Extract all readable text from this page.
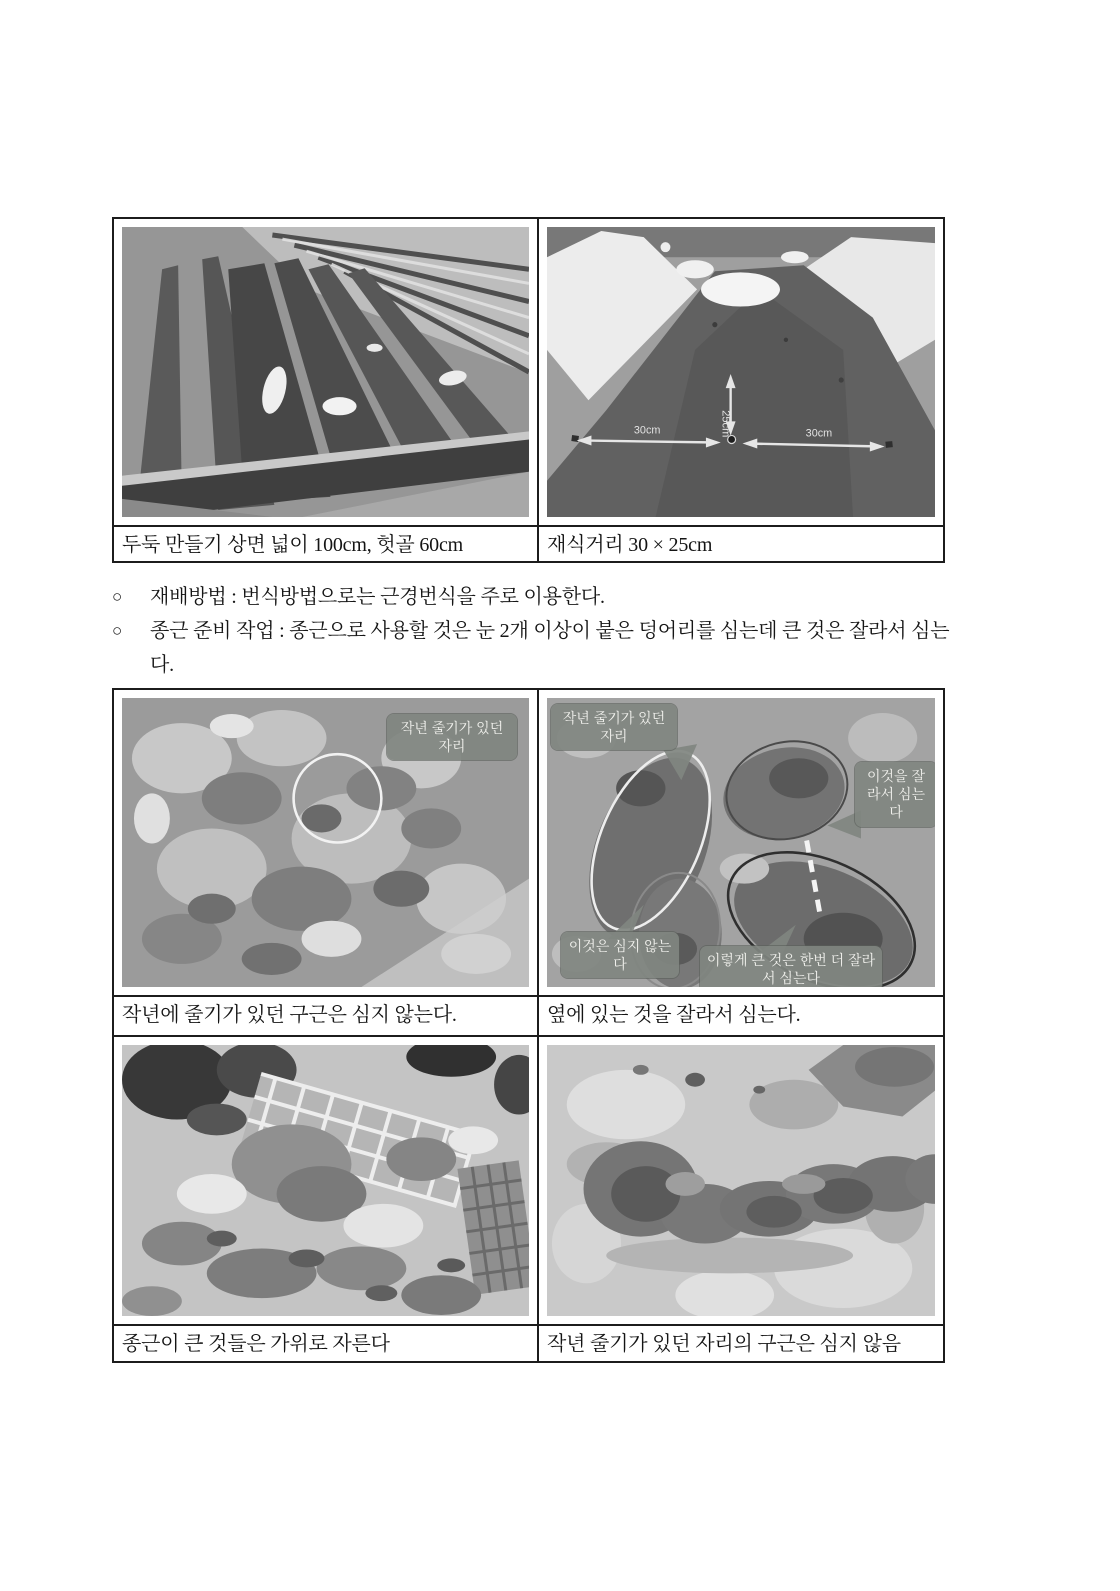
30cm	30cm
25cm
두둑 만들기 상면 넓이 100cm, 헛골 60cm	재식거리 30 × 25cm
○	재배방법 : 번식방법으로는 근경번식을 주로 이용한다.
○	종근 준비 작업 : 종근으로 사용할 것은 눈 2개 이상이 붙은 덩어리를 심는데 큰 것은 잘라서 심는다.
작년 줄기가 있던 자리
작년 줄기가 있던 자리
이것을 잘라서 심는다
이것은 심지 않는다	이렇게 큰 것은 한번 더 잘라서 심는다
작년에 줄기가 있던 구근은 심지 않는다.	옆에 있는 것을 잘라서 심는다.
종근이 큰 것들은 가위로 자른다	작년 줄기가 있던 자리의 구근은 심지 않음
